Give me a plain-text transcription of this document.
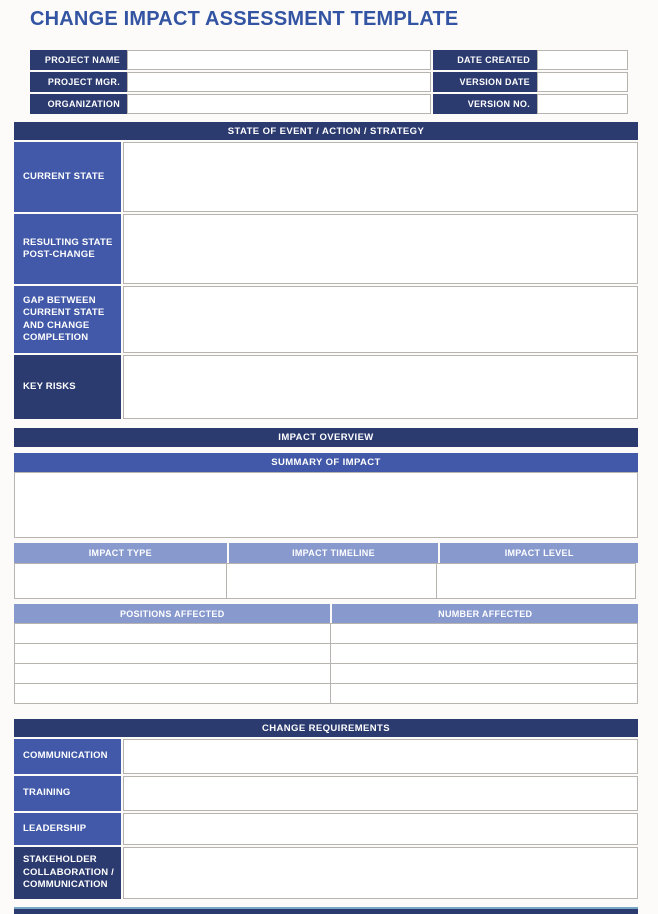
CHANGE IMPACT ASSESSMENT TEMPLATE
PROJECT NAME	DATE CREATED
PROJECT MGR.	VERSION DATE
ORGANIZATION	VERSION NO.
STATE OF EVENT / ACTION / STRATEGY
CURRENT STATE
RESULTING STATE POST-CHANGE
GAP BETWEEN CURRENT STATE AND CHANGE COMPLETION
KEY RISKS
IMPACT OVERVIEW
SUMMARY OF IMPACT
IMPACT TYPE	IMPACT TIMELINE	IMPACT LEVEL
POSITIONS AFFECTED	NUMBER AFFECTED
CHANGE REQUIREMENTS
COMMUNICATION
TRAINING
LEADERSHIP
STAKEHOLDER COLLABORATION / COMMUNICATION
